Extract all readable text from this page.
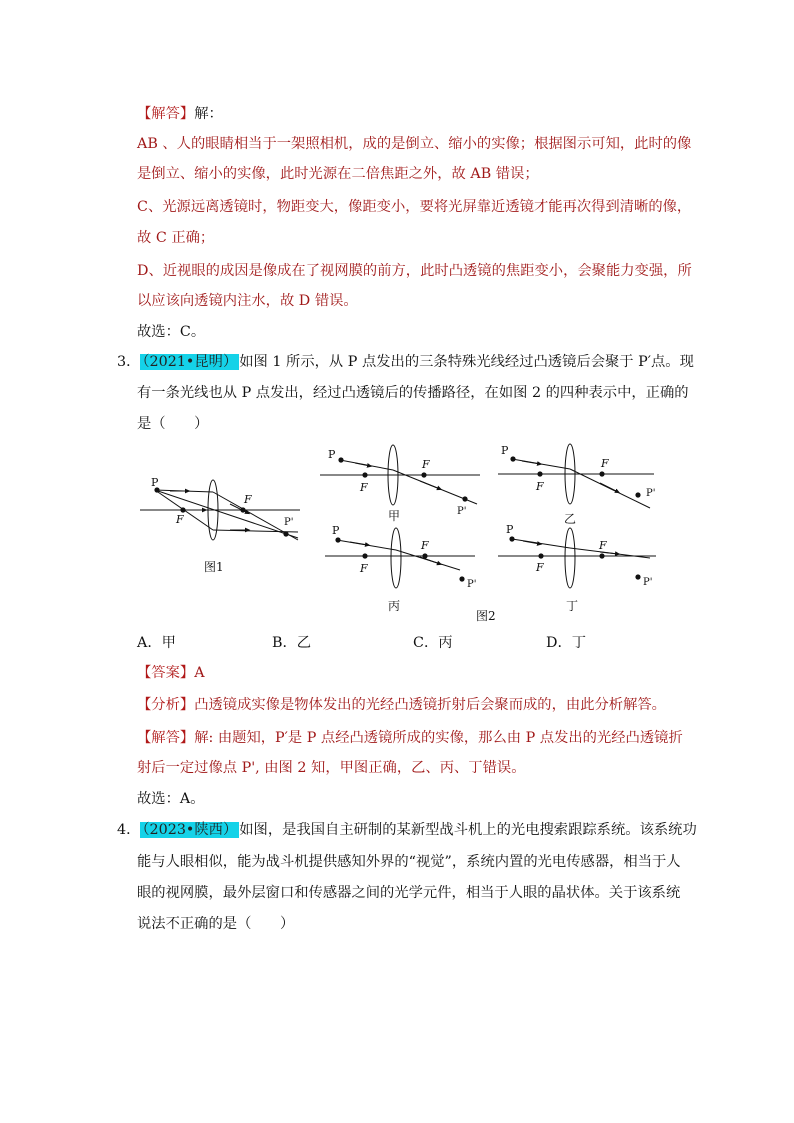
【解答】解：
AB 、人的眼睛相当于一架照相机，成的是倒立、缩小的实像；根据图示可知，此时的像
是倒立、缩小的实像，此时光源在二倍焦距之外，故 AB 错误；
C、光源远离透镜时，物距变大，像距变小，要将光屏靠近透镜才能再次得到清晰的像，
故 C 正确；
D、近视眼的成因是像成在了视网膜的前方，此时凸透镜的焦距变小，会聚能力变强，所
以应该向透镜内注水，故 D 错误。
故选：C。
3． （2021•昆明） 如图 1 所示，从 P 点发出的三条特殊光线经过凸透镜后会聚于 P′点。现
有一条光线也从 P 点发出，经过凸透镜后的传播路径，在如图 2 的四种表示中，正确的
是（　　）
P
F
F
P'
图1
P
F
F
P'
甲
P
F
F
P'
乙
P
F
F
P'
丙
P
F
F
P'
丁
图2
A．甲	B．乙	C．丙	D．丁
【答案】A
【分析】凸透镜成实像是物体发出的光经凸透镜折射后会聚而成的，由此分析解答。
【解答】解: 由题知，P′是 P 点经凸透镜所成的实像，那么由 P 点发出的光经凸透镜折
射后一定过像点 P', 由图 2 知，甲图正确，乙、丙、丁错误。
故选：A。
4． （2023•陕西） 如图，是我国自主研制的某新型战斗机上的光电搜索跟踪系统。该系统功
能与人眼相似，能为战斗机提供感知外界的“视觉”，系统内置的光电传感器，相当于人
眼的视网膜，最外层窗口和传感器之间的光学元件，相当于人眼的晶状体。关于该系统
说法不正确的是（　　）
